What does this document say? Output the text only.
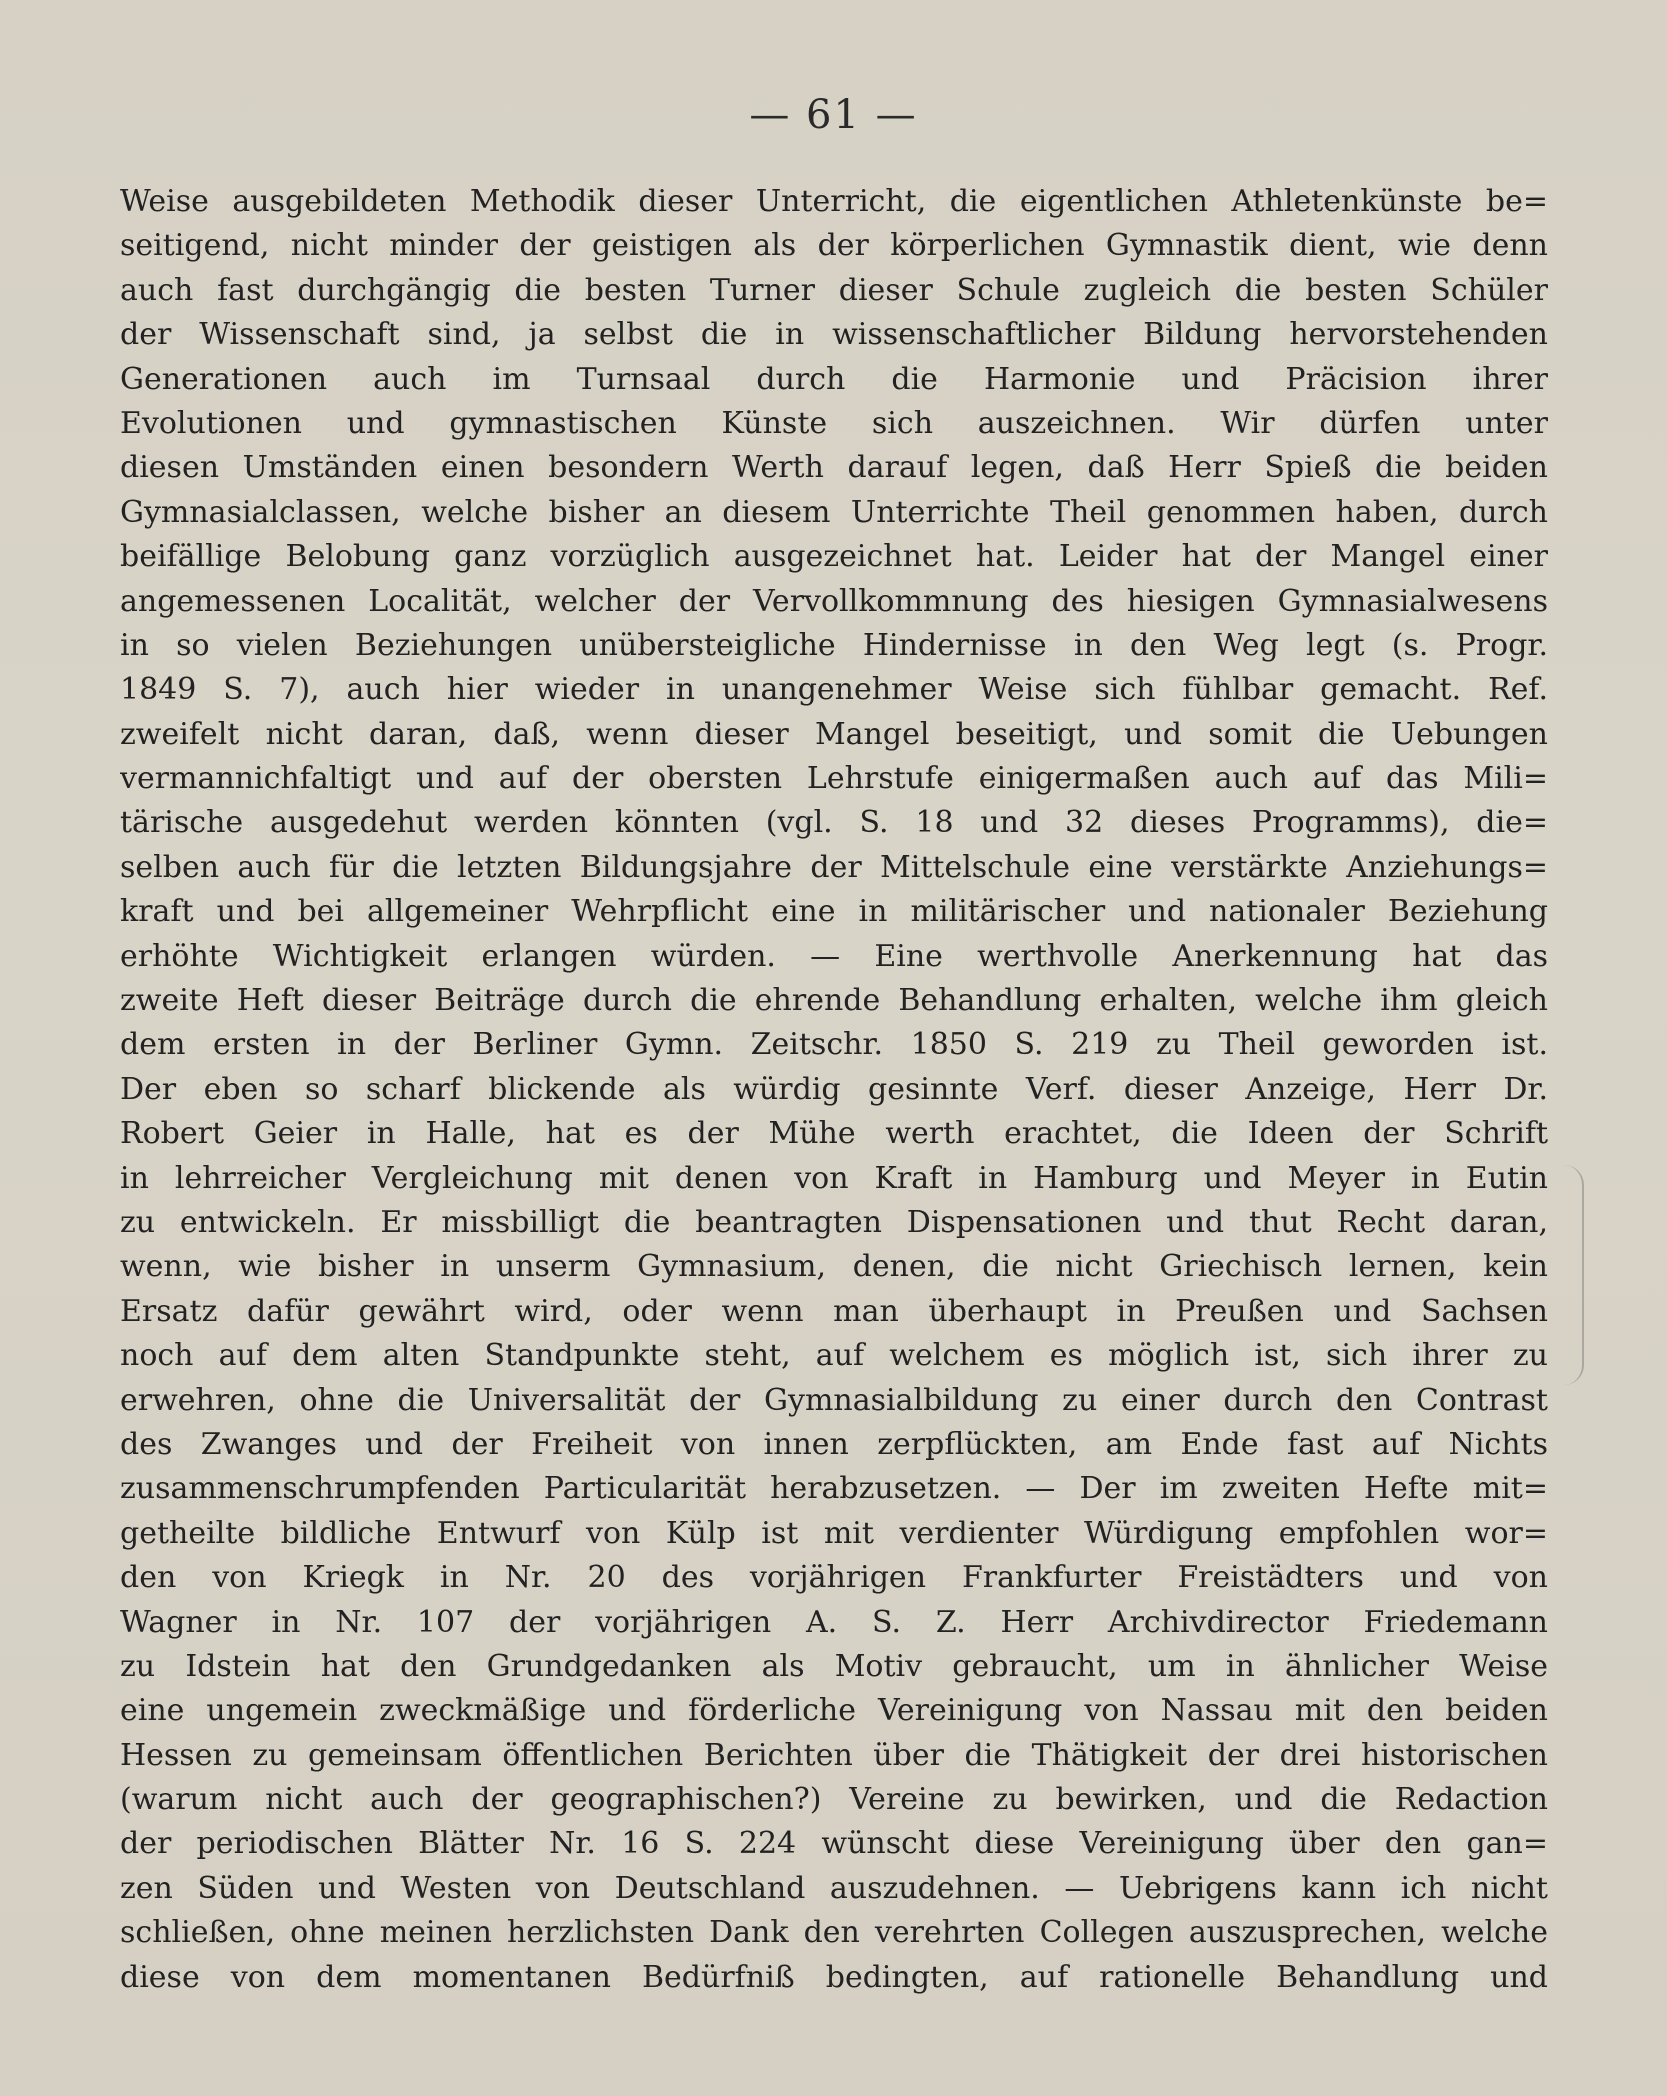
— 61 —
Weise ausgebildeten Methodik dieser Unterricht, die eigentlichen Athletenkünste be=
seitigend, nicht minder der geistigen als der körperlichen Gymnastik dient, wie denn
auch fast durchgängig die besten Turner dieser Schule zugleich die besten Schüler
der Wissenschaft sind, ja selbst die in wissenschaftlicher Bildung hervorstehenden
Generationen auch im Turnsaal durch die Harmonie und Präcision ihrer
Evolutionen und gymnastischen Künste sich auszeichnen. Wir dürfen unter
diesen Umständen einen besondern Werth darauf legen, daß Herr Spieß die beiden
Gymnasialclassen, welche bisher an diesem Unterrichte Theil genommen haben, durch
beifällige Belobung ganz vorzüglich ausgezeichnet hat. Leider hat der Mangel einer
angemessenen Localität, welcher der Vervollkommnung des hiesigen Gymnasialwesens
in so vielen Beziehungen unübersteigliche Hindernisse in den Weg legt (s. Progr.
1849 S. 7), auch hier wieder in unangenehmer Weise sich fühlbar gemacht. Ref.
zweifelt nicht daran, daß, wenn dieser Mangel beseitigt, und somit die Uebungen
vermannichfaltigt und auf der obersten Lehrstufe einigermaßen auch auf das Mili=
tärische ausgedehut werden könnten (vgl. S. 18 und 32 dieses Programms), die=
selben auch für die letzten Bildungsjahre der Mittelschule eine verstärkte Anziehungs=
kraft und bei allgemeiner Wehrpflicht eine in militärischer und nationaler Beziehung
erhöhte Wichtigkeit erlangen würden. — Eine werthvolle Anerkennung hat das
zweite Heft dieser Beiträge durch die ehrende Behandlung erhalten, welche ihm gleich
dem ersten in der Berliner Gymn. Zeitschr. 1850 S. 219 zu Theil geworden ist.
Der eben so scharf blickende als würdig gesinnte Verf. dieser Anzeige, Herr Dr.
Robert Geier in Halle, hat es der Mühe werth erachtet, die Ideen der Schrift
in lehrreicher Vergleichung mit denen von Kraft in Hamburg und Meyer in Eutin
zu entwickeln. Er missbilligt die beantragten Dispensationen und thut Recht daran,
wenn, wie bisher in unserm Gymnasium, denen, die nicht Griechisch lernen, kein
Ersatz dafür gewährt wird, oder wenn man überhaupt in Preußen und Sachsen
noch auf dem alten Standpunkte steht, auf welchem es möglich ist, sich ihrer zu
erwehren, ohne die Universalität der Gymnasialbildung zu einer durch den Contrast
des Zwanges und der Freiheit von innen zerpflückten, am Ende fast auf Nichts
zusammenschrumpfenden Particularität herabzusetzen. — Der im zweiten Hefte mit=
getheilte bildliche Entwurf von Külp ist mit verdienter Würdigung empfohlen wor=
den von Kriegk in Nr. 20 des vorjährigen Frankfurter Freistädters und von
Wagner in Nr. 107 der vorjährigen A. S. Z. Herr Archivdirector Friedemann
zu Idstein hat den Grundgedanken als Motiv gebraucht, um in ähnlicher Weise
eine ungemein zweckmäßige und förderliche Vereinigung von Nassau mit den beiden
Hessen zu gemeinsam öffentlichen Berichten über die Thätigkeit der drei historischen
(warum nicht auch der geographischen?) Vereine zu bewirken, und die Redaction
der periodischen Blätter Nr. 16 S. 224 wünscht diese Vereinigung über den gan=
zen Süden und Westen von Deutschland auszudehnen. — Uebrigens kann ich nicht
schließen, ohne meinen herzlichsten Dank den verehrten Collegen auszusprechen, welche
diese von dem momentanen Bedürfniß bedingten, auf rationelle Behandlung und
